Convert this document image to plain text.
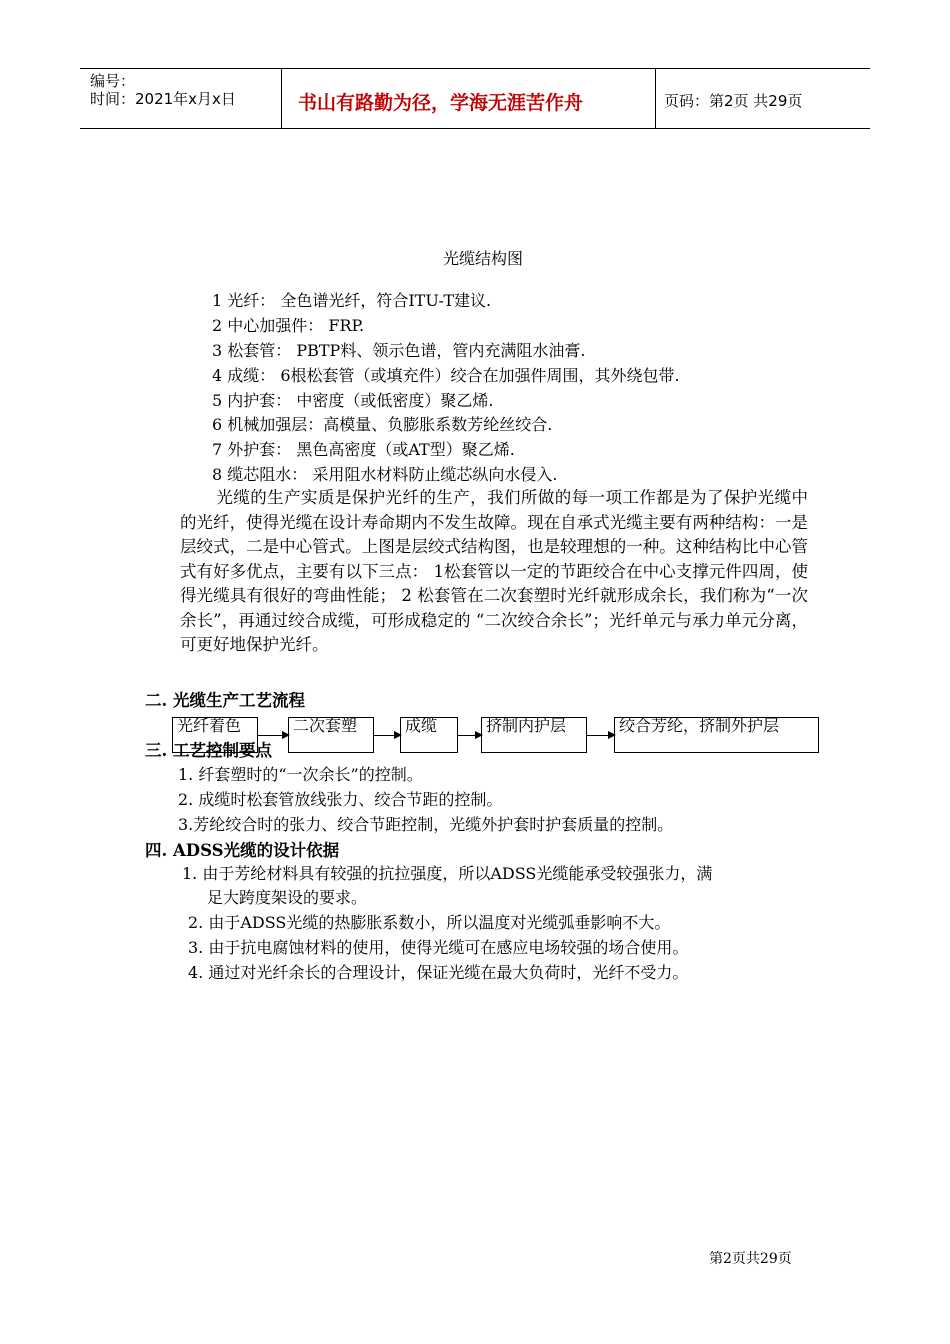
编号：
时间：2021年x月x日	书山有路勤为径，学海无涯苦作舟	页码：第2页 共29页
光缆结构图
1 光纤： 全色谱光纤，符合ITU-T建议.
2 中心加强件： FRP.
3 松套管： PBTP料、领示色谱，管内充满阻水油膏.
4 成缆： 6根松套管（或填充件）绞合在加强件周围，其外绕包带.
5 内护套： 中密度（或低密度）聚乙烯.
6 机械加强层：高模量、负膨胀系数芳纶丝绞合.
7 外护套： 黑色高密度（或AT型）聚乙烯.
8 缆芯阻水： 采用阻水材料防止缆芯纵向水侵入.
光缆的生产实质是保护光纤的生产，我们所做的每一项工作都是为了保护光缆中的光纤，使得光缆在设计寿命期内不发生故障。现在自承式光缆主要有两种结构：一是层绞式，二是中心管式。上图是层绞式结构图，也是较理想的一种。这种结构比中心管式有好多优点，主要有以下三点： 1松套管以一定的节距绞合在中心支撑元件四周，使得光缆具有很好的弯曲性能； 2 松套管在二次套塑时光纤就形成余长，我们称为“一次余长”，再通过绞合成缆，可形成稳定的 “二次绞合余长”；光纤单元与承力单元分离，可更好地保护光纤。
二. 光缆生产工艺流程
光纤着色	二次套塑	成缆	挤制内护层	绞合芳纶，挤制外护层
三. 工艺控制要点
1. 纤套塑时的“一次余长”的控制。
2. 成缆时松套管放线张力、绞合节距的控制。
3.芳纶绞合时的张力、绞合节距控制，光缆外护套时护套质量的控制。
四. ADSS光缆的设计依据
1. 由于芳纶材料具有较强的抗拉强度，所以ADSS光缆能承受较强张力，满
足大跨度架设的要求。
2. 由于ADSS光缆的热膨胀系数小，所以温度对光缆弧垂影响不大。
3. 由于抗电腐蚀材料的使用，使得光缆可在感应电场较强的场合使用。
4. 通过对光纤余长的合理设计，保证光缆在最大负荷时，光纤不受力。
第2页共29页
